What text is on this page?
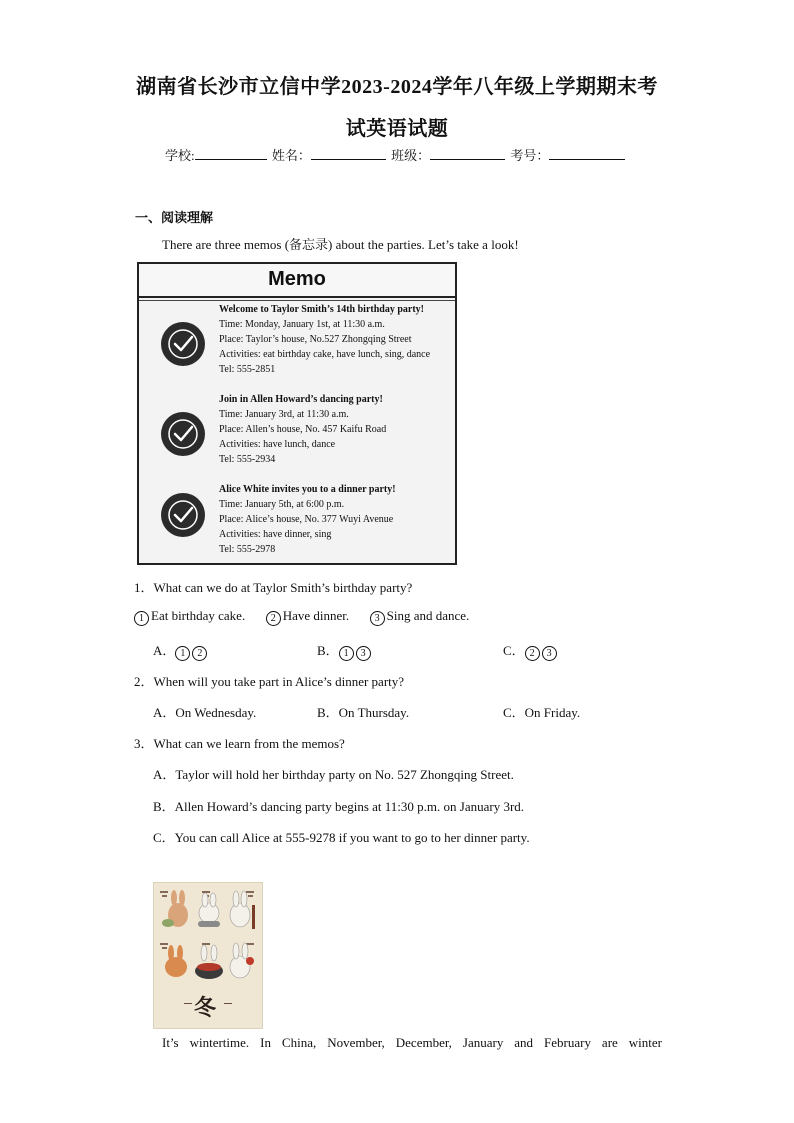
湖南省长沙市立信中学2023-2024学年八年级上学期期末考
试英语试题
学校:	姓名：	班级：	考号：
一、阅读理解
There are three memos (备忘录) about the parties. Let’s take a look!
Memo
Welcome to Taylor Smith’s 14th birthday party!
Time: Monday, January 1st, at 11:30 a.m.
Place: Taylor’s house, No.527 Zhongqing Street
Activities: eat birthday cake, have lunch, sing, dance
Tel: 555-2851
Join in Allen Howard’s dancing party!
Time: January 3rd, at 11:30 a.m.
Place: Allen’s house, No. 457 Kaifu Road
Activities: have lunch, dance
Tel: 555-2934
Alice White invites you to a dinner party!
Time: January 5th, at 6:00 p.m.
Place: Alice’s house, No. 377 Wuyi Avenue
Activities: have dinner, sing
Tel: 555-2978
1．What can we do at Taylor Smith’s birthday party?
1 Eat birthday cake.	2 Have dinner.	3 Sing and dance.
A． 1 2	B． 1 3	C． 2 3
2．When will you take part in Alice’s dinner party?
A．On Wednesday.	B．On Thursday.	C．On Friday.
3．What can we learn from the memos?
A．Taylor will hold her birthday party on No. 527 Zhongqing Street.
B．Allen Howard’s dancing party begins at 11:30 p.m. on January 3rd.
C．You can call Alice at 555-9278 if you want to go to her dinner party.
冬
It’s wintertime. In China, November, December, January and February are winter
